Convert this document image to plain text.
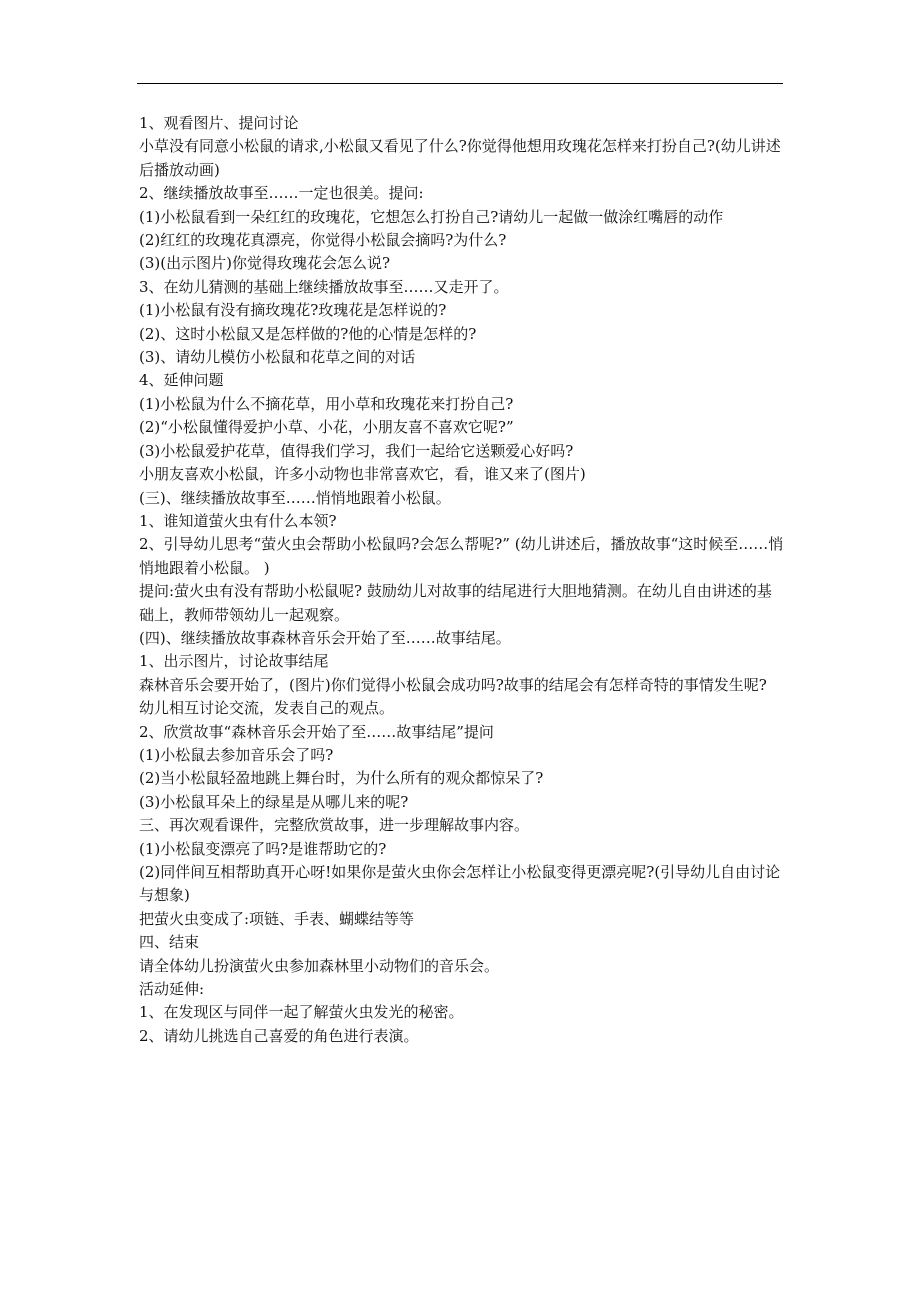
1、观看图片、提问讨论
小草没有同意小松鼠的请求,小松鼠又看见了什么?你觉得他想用玫瑰花怎样来打扮自己?(幼儿讲述后播放动画)
2、继续播放故事至……一定也很美。提问:
(1)小松鼠看到一朵红红的玫瑰花，它想怎么打扮自己?请幼儿一起做一做涂红嘴唇的动作
(2)红红的玫瑰花真漂亮，你觉得小松鼠会摘吗?为什么?
(3)(出示图片)你觉得玫瑰花会怎么说?
3、在幼儿猜测的基础上继续播放故事至……又走开了。
(1)小松鼠有没有摘玫瑰花?玫瑰花是怎样说的?
(2)、这时小松鼠又是怎样做的?他的心情是怎样的?
(3)、请幼儿模仿小松鼠和花草之间的对话
4、延伸问题
(1)小松鼠为什么不摘花草，用小草和玫瑰花来打扮自己?
(2)“小松鼠懂得爱护小草、小花，小朋友喜不喜欢它呢?”
(3)小松鼠爱护花草，值得我们学习，我们一起给它送颗爱心好吗?
小朋友喜欢小松鼠，许多小动物也非常喜欢它，看，谁又来了(图片)
(三)、继续播放故事至……悄悄地跟着小松鼠。
1、谁知道萤火虫有什么本领?
2、引导幼儿思考“萤火虫会帮助小松鼠吗?会怎么帮呢?” (幼儿讲述后，播放故事“这时候至……悄悄地跟着小松鼠。 )
提问:萤火虫有没有帮助小松鼠呢? 鼓励幼儿对故事的结尾进行大胆地猜测。在幼儿自由讲述的基础上，教师带领幼儿一起观察。
(四)、继续播放故事森林音乐会开始了至……故事结尾。
1、出示图片，讨论故事结尾
森林音乐会要开始了，(图片)你们觉得小松鼠会成功吗?故事的结尾会有怎样奇特的事情发生呢?
幼儿相互讨论交流，发表自己的观点。
2、欣赏故事“森林音乐会开始了至……故事结尾”提问
(1)小松鼠去参加音乐会了吗?
(2)当小松鼠轻盈地跳上舞台时，为什么所有的观众都惊呆了?
(3)小松鼠耳朵上的绿星是从哪儿来的呢?
三、再次观看课件，完整欣赏故事，进一步理解故事内容。
(1)小松鼠变漂亮了吗?是谁帮助它的?
(2)同伴间互相帮助真开心呀!如果你是萤火虫你会怎样让小松鼠变得更漂亮呢?(引导幼儿自由讨论与想象)
把萤火虫变成了:项链、手表、蝴蝶结等等
四、结束
请全体幼儿扮演萤火虫参加森林里小动物们的音乐会。
活动延伸:
1、在发现区与同伴一起了解萤火虫发光的秘密。
2、请幼儿挑选自己喜爱的角色进行表演。
